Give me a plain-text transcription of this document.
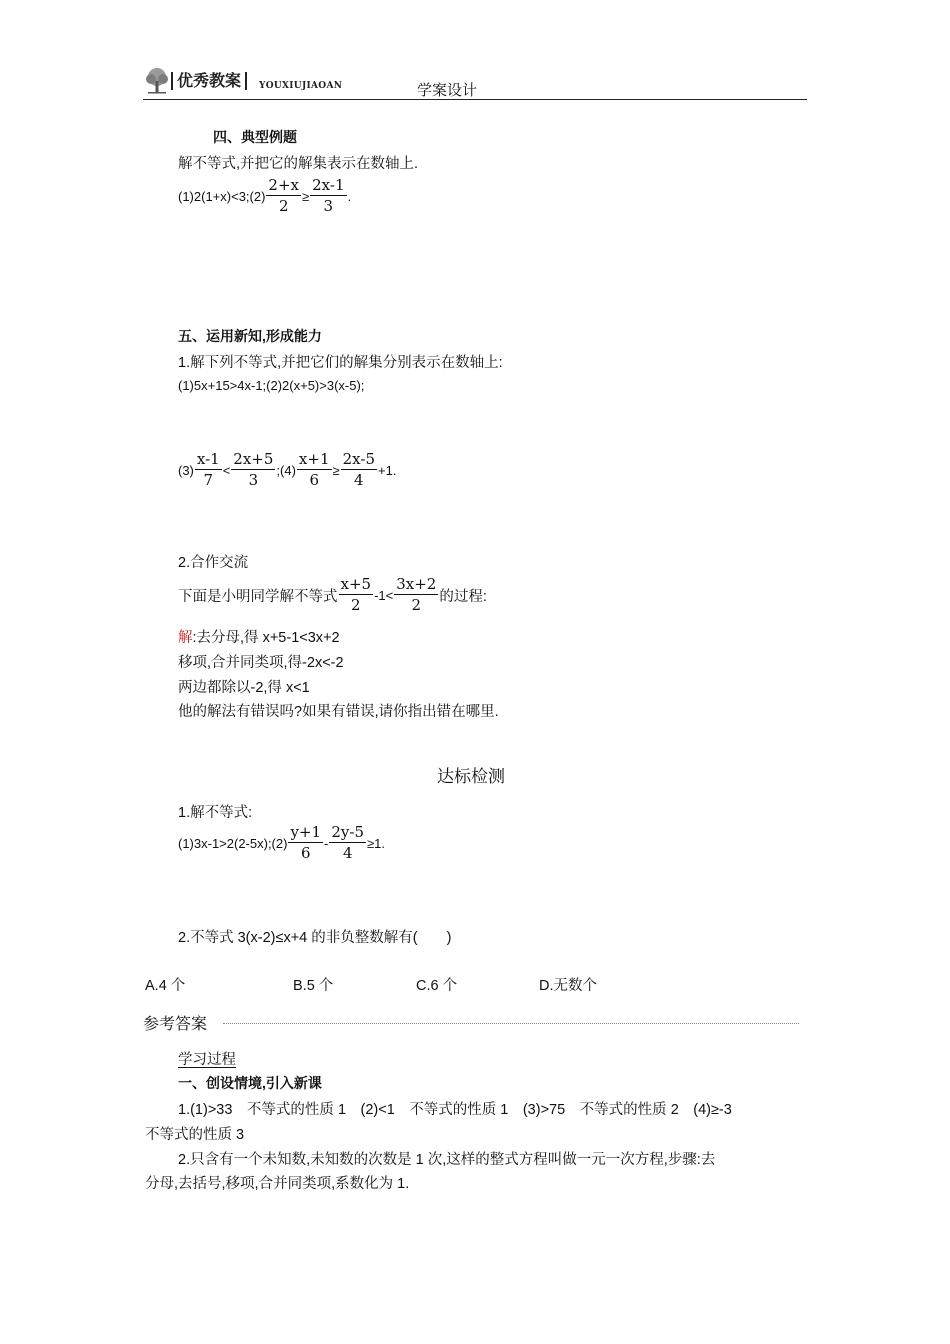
优秀教案	YOUXIUJIAOAN	学案设计
四、典型例题
解不等式,并把它的解集表示在数轴上.
(1)2(1+x)<3;(2) $\frac{2+x}{2} \ge \frac{2x-1}{3}$ .
五、运用新知,形成能力
1.解下列不等式,并把它们的解集分别表示在数轴上:
(1)5x+15>4x-1;(2)2(x+5)>3(x-5);
$(3) \frac{x-1}{7} < \frac{2x+5}{3}$ ;(4) $\frac{x+1}{6} \ge \frac{2x-5}{4} +1$.
2.合作交流
下面是小明同学解不等式 $\frac{x+5}{2} -1< \frac{3x+2}{2}$ 的过程:
解:去分母,得 x+5-1<3x+2
移项,合并同类项,得-2x<-2
两边都除以-2,得 x<1
他的解法有错误吗?如果有错误,请你指出错在哪里.
达标检测
1.解不等式:
(1)3x-1>2(2-5x);(2) $\frac{y+1}{6} - \frac{2y-5}{4} \ge 1$.
2.不等式 3(x-2)≤x+4 的非负整数解有(　　)
A.4 个	B.5 个	C.6 个	D.无数个
参考答案
学习过程
一、创设情境,引入新课
1.(1)>33　不等式的性质 1　(2)<1　不等式的性质 1　(3)>75　不等式的性质 2　(4)≥-3
不等式的性质 3
2.只含有一个未知数,未知数的次数是 1 次,这样的整式方程叫做一元一次方程,步骤:去
分母,去括号,移项,合并同类项,系数化为 1.
